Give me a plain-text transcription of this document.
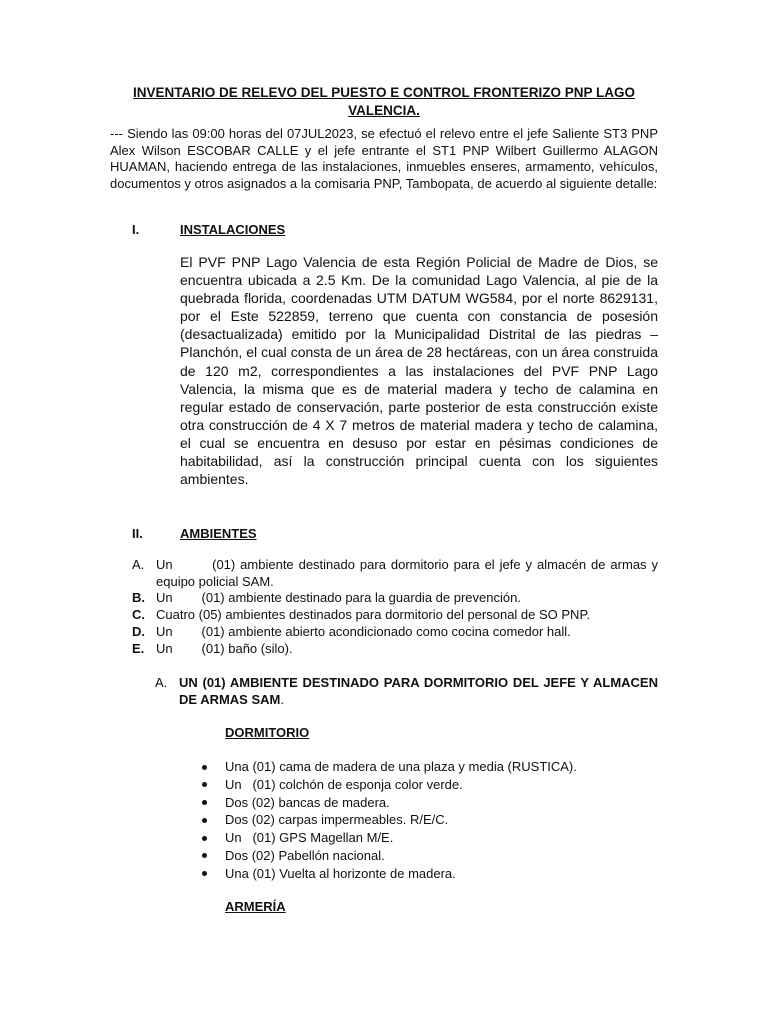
INVENTARIO DE RELEVO DEL PUESTO E CONTROL FRONTERIZO PNP LAGO VALENCIA.
--- Siendo las 09:00 horas del 07JUL2023, se efectuó el relevo entre el jefe Saliente ST3 PNP Alex Wilson ESCOBAR CALLE y el jefe entrante el ST1 PNP Wilbert Guillermo ALAGON HUAMAN, haciendo entrega de las instalaciones, inmuebles enseres, armamento, vehículos, documentos y otros asignados a la comisaria PNP, Tambopata, de acuerdo al siguiente detalle:
I.	INSTALACIONES
El PVF PNP Lago Valencia de esta Región Policial de Madre de Dios, se encuentra ubicada a 2.5 Km. De la comunidad Lago Valencia, al pie de la quebrada florida, coordenadas UTM DATUM WG584, por el norte 8629131, por el Este 522859, terreno que cuenta con constancia de posesión (desactualizada) emitido por la Municipalidad Distrital de las piedras – Planchón, el cual consta de un área de 28 hectáreas, con un área construida de 120 m2, correspondientes a las instalaciones del PVF PNP Lago Valencia, la misma que es de material madera y techo de calamina en regular estado de conservación, parte posterior de esta construcción existe otra construcción de 4 X 7 metros de material madera y techo de calamina, el cual se encuentra en desuso por estar en pésimas condiciones de habitabilidad, así la construcción principal cuenta con los siguientes ambientes.
II.	AMBIENTES
A. Un        (01) ambiente destinado para dormitorio para el jefe y almacén de armas y equipo policial SAM.
B. Un        (01) ambiente destinado para la guardia de prevención.
C. Cuatro (05) ambientes destinados para dormitorio del personal de SO PNP.
D. Un        (01) ambiente abierto acondicionado como cocina comedor hall.
E. Un        (01) baño (silo).
A. UN (01) AMBIENTE DESTINADO PARA DORMITORIO DEL JEFE Y ALMACEN DE ARMAS SAM.
DORMITORIO
Una (01) cama de madera de una plaza y media (RUSTICA).
Un   (01) colchón de esponja color verde.
Dos (02) bancas de madera.
Dos (02) carpas impermeables. R/E/C.
Un   (01) GPS Magellan M/E.
Dos (02) Pabellón nacional.
Una (01) Vuelta al horizonte de madera.
ARMERÍA
